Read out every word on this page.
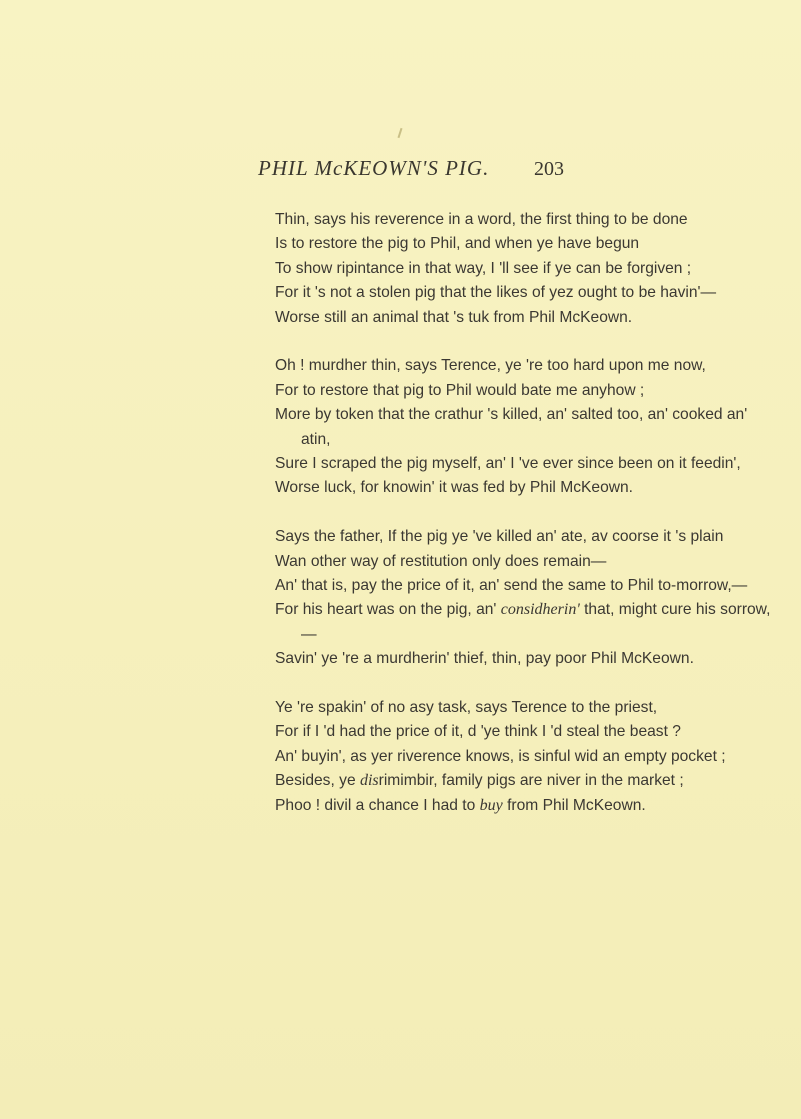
PHIL McKEOWN'S PIG. 203
Thin, says his reverence in a word, the first thing to be done
Is to restore the pig to Phil, and when ye have begun
To show ripintance in that way, I 'll see if ye can be forgiven ;
For it 's not a stolen pig that the likes of yez ought to be havin'—
Worse still an animal that 's tuk from Phil McKeown.
Oh ! murdher thin, says Terence, ye 're too hard upon me now,
For to restore that pig to Phil would bate me anyhow ;
More by token that the crathur 's killed, an' salted too, an' cooked an' atin,
Sure I scraped the pig myself, an' I 've ever since been on it feedin',
Worse luck, for knowin' it was fed by Phil McKeown.
Says the father, If the pig ye 've killed an' ate, av coorse it 's plain
Wan other way of restitution only does remain—
An' that is, pay the price of it, an' send the same to Phil to-morrow,—
For his heart was on the pig, an' considherin' that, might cure his sorrow,—
Savin' ye 're a murdherin' thief, thin, pay poor Phil McKeown.
Ye 're spakin' of no asy task, says Terence to the priest,
For if I 'd had the price of it, d 'ye think I 'd steal the beast ?
An' buyin', as yer riverence knows, is sinful wid an empty pocket ;
Besides, ye disrimimbir, family pigs are niver in the market ;
Phoo ! divil a chance I had to buy from Phil McKeown.
